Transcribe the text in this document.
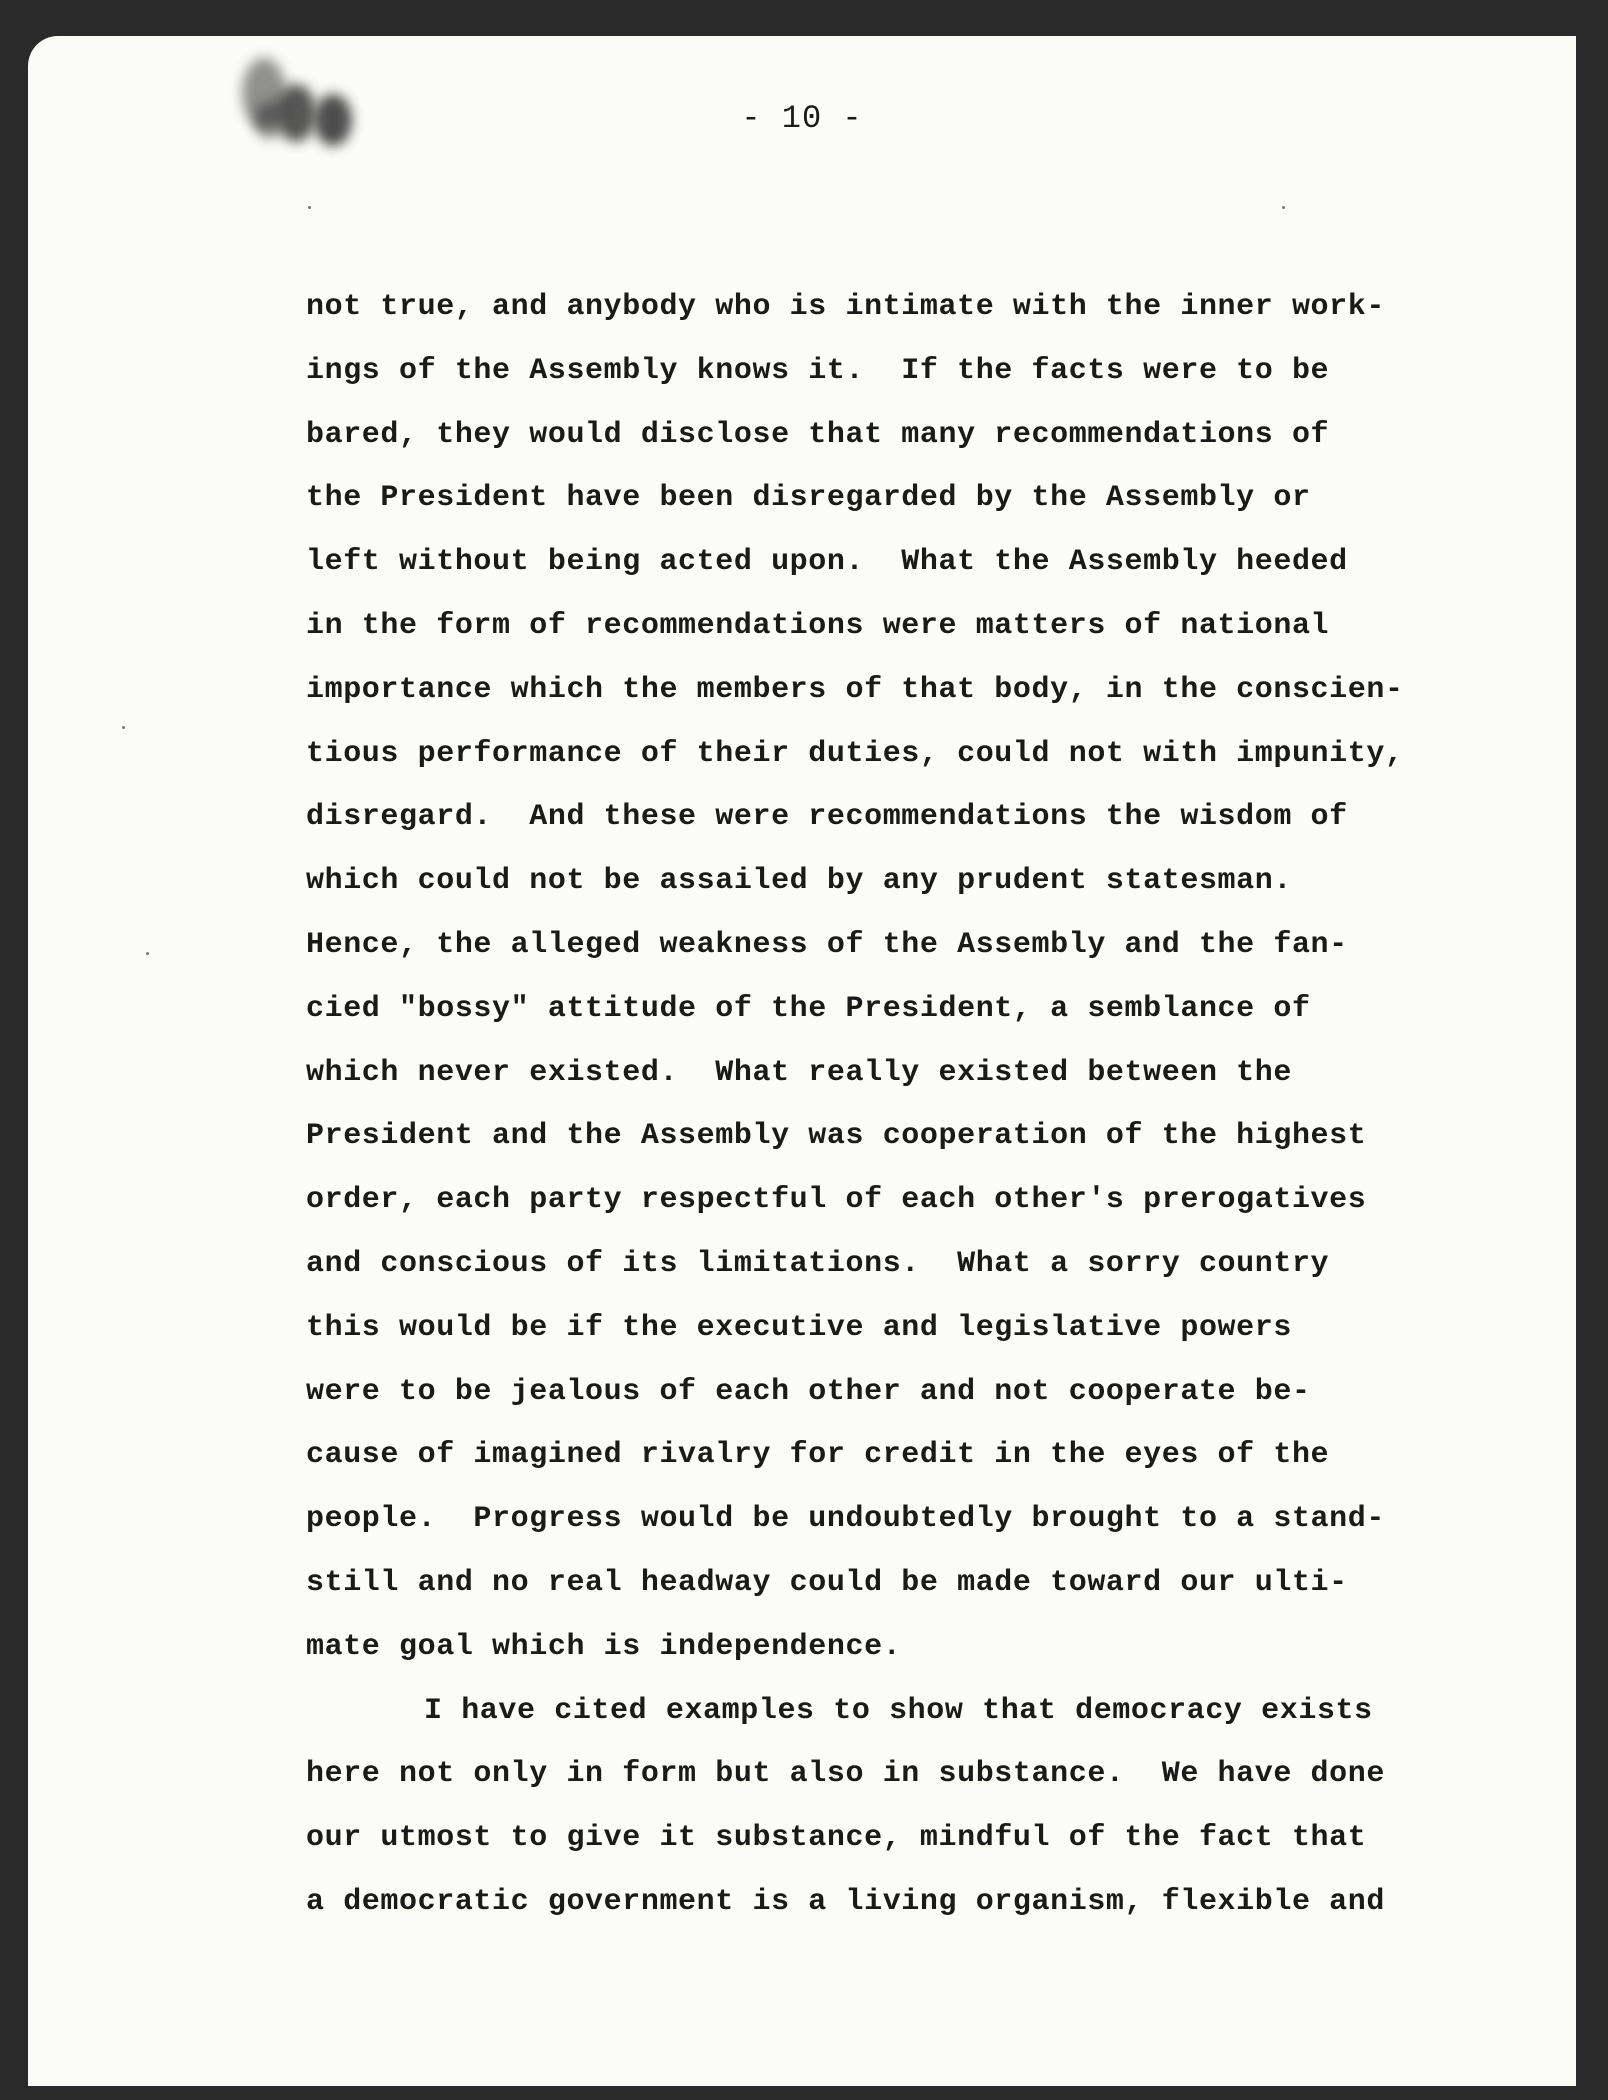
- 10 -
not true, and anybody who is intimate with the inner work-
ings of the Assembly knows it.  If the facts were to be
bared, they would disclose that many recommendations of
the President have been disregarded by the Assembly or
left without being acted upon.  What the Assembly heeded
in the form of recommendations were matters of national
importance which the members of that body, in the conscien-
tious performance of their duties, could not with impunity,
disregard.  And these were recommendations the wisdom of
which could not be assailed by any prudent statesman.
Hence, the alleged weakness of the Assembly and the fan-
cied "bossy" attitude of the President, a semblance of
which never existed.  What really existed between the
President and the Assembly was cooperation of the highest
order, each party respectful of each other's prerogatives
and conscious of its limitations.  What a sorry country
this would be if the executive and legislative powers
were to be jealous of each other and not cooperate be-
cause of imagined rivalry for credit in the eyes of the
people.  Progress would be undoubtedly brought to a stand-
still and no real headway could be made toward our ulti-
mate goal which is independence.
I have cited examples to show that democracy exists
here not only in form but also in substance.  We have done
our utmost to give it substance, mindful of the fact that
a democratic government is a living organism, flexible and
